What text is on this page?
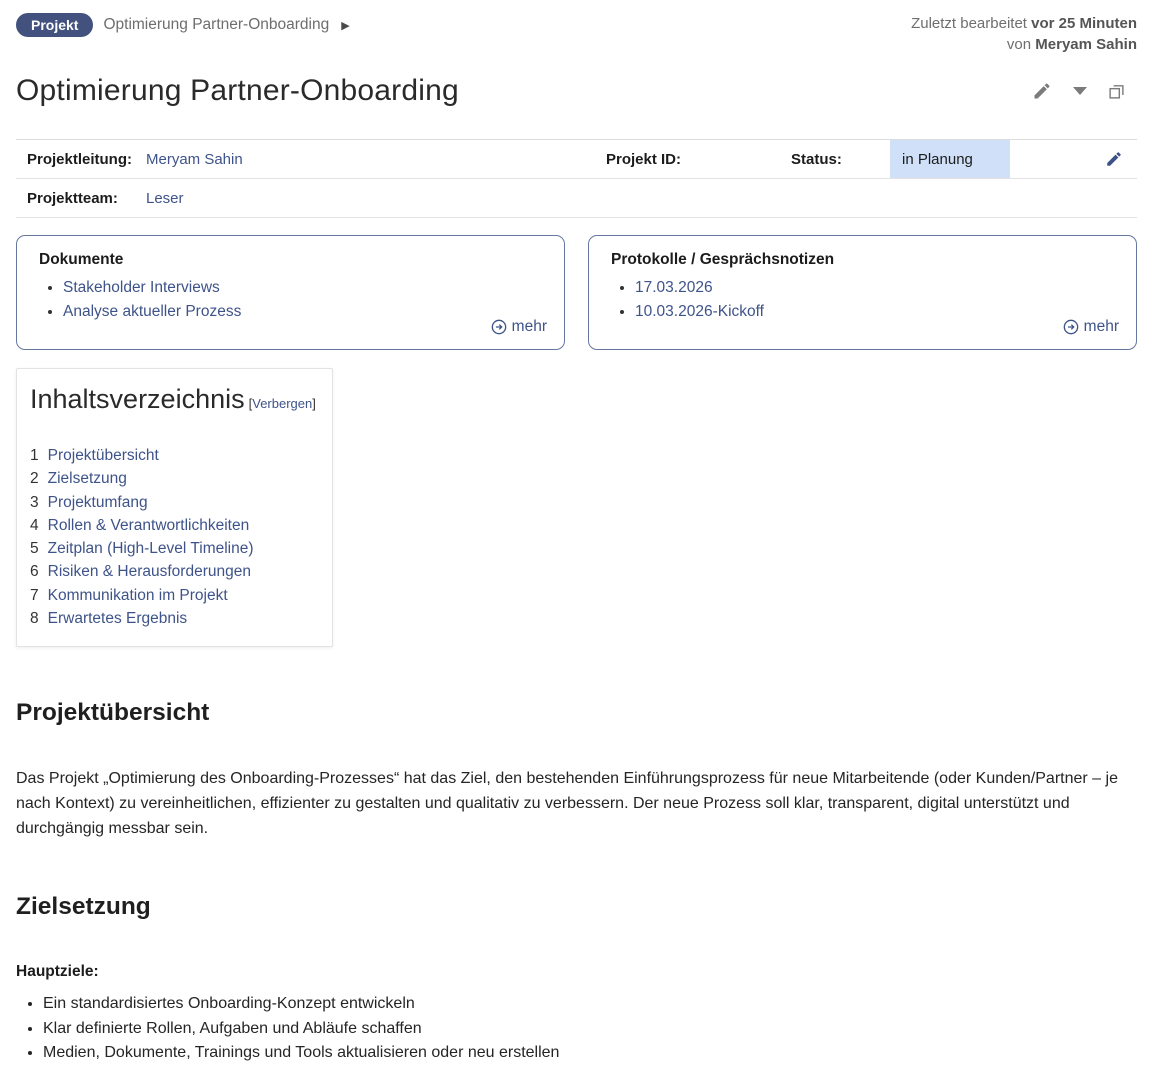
Projekt	Optimierung Partner-Onboarding ▶	Zuletzt bearbeitet vor 25 Minuten
von Meryam Sahin
Optimierung Partner-Onboarding
Projektleitung: Meryam Sahin	Projekt ID:	Status:	in Planung
Projektteam:	Leser
Dokumente
• Stakeholder Interviews
• Analyse aktueller Prozess
mehr
Protokolle / Gesprächsnotizen
• 17.03.2026
• 10.03.2026-Kickoff
mehr
Inhaltsverzeichnis [Verbergen]
1 Projektübersicht
2 Zielsetzung
3 Projektumfang
4 Rollen & Verantwortlichkeiten
5 Zeitplan (High-Level Timeline)
6 Risiken & Herausforderungen
7 Kommunikation im Projekt
8 Erwartetes Ergebnis
Projektübersicht

Das Projekt „Optimierung des Onboarding-Prozesses“ hat das Ziel, den bestehenden Einführungsprozess für neue Mitarbeitende (oder Kunden/Partner – je nach Kontext) zu vereinheitlichen, effizienter zu gestalten und qualitativ zu verbessern. Der neue Prozess soll klar, transparent, digital unterstützt und durchgängig messbar sein.

Zielsetzung
Hauptziele:
• Ein standardisiertes Onboarding-Konzept entwickeln
• Klar definierte Rollen, Aufgaben und Abläufe schaffen
• Medien, Dokumente, Trainings und Tools aktualisieren oder neu erstellen
